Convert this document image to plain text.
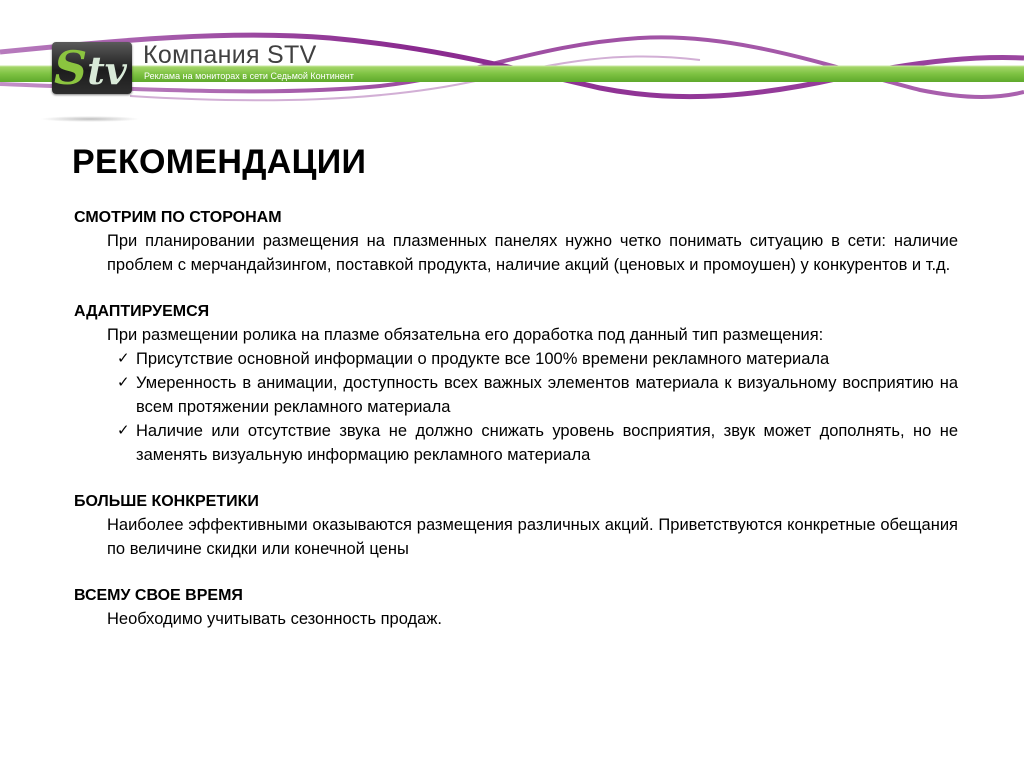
Stv Компания STV
Реклама на мониторах в сети Седьмой Континент
РЕКОМЕНДАЦИИ
СМОТРИМ ПО СТОРОНАМ
При планировании размещения на плазменных панелях нужно четко понимать ситуацию в сети: наличие проблем с мерчандайзингом, поставкой продукта, наличие акций (ценовых и промоушен) у конкурентов и т.д.
АДАПТИРУЕМСЯ
При размещении ролика на плазме обязательна его доработка под данный тип размещения:
✓ Присутствие основной информации о продукте все 100% времени рекламного материала
✓ Умеренность в анимации, доступность всех важных элементов материала к визуальному восприятию на всем протяжении рекламного материала
✓ Наличие или отсутствие звука не должно снижать уровень восприятия, звук может дополнять, но не заменять визуальную информацию рекламного материала
БОЛЬШЕ КОНКРЕТИКИ
Наиболее эффективными оказываются размещения различных акций. Приветствуются конкретные обещания по величине скидки или конечной цены
ВСЕМУ СВОЕ ВРЕМЯ
Необходимо учитывать сезонность продаж.
